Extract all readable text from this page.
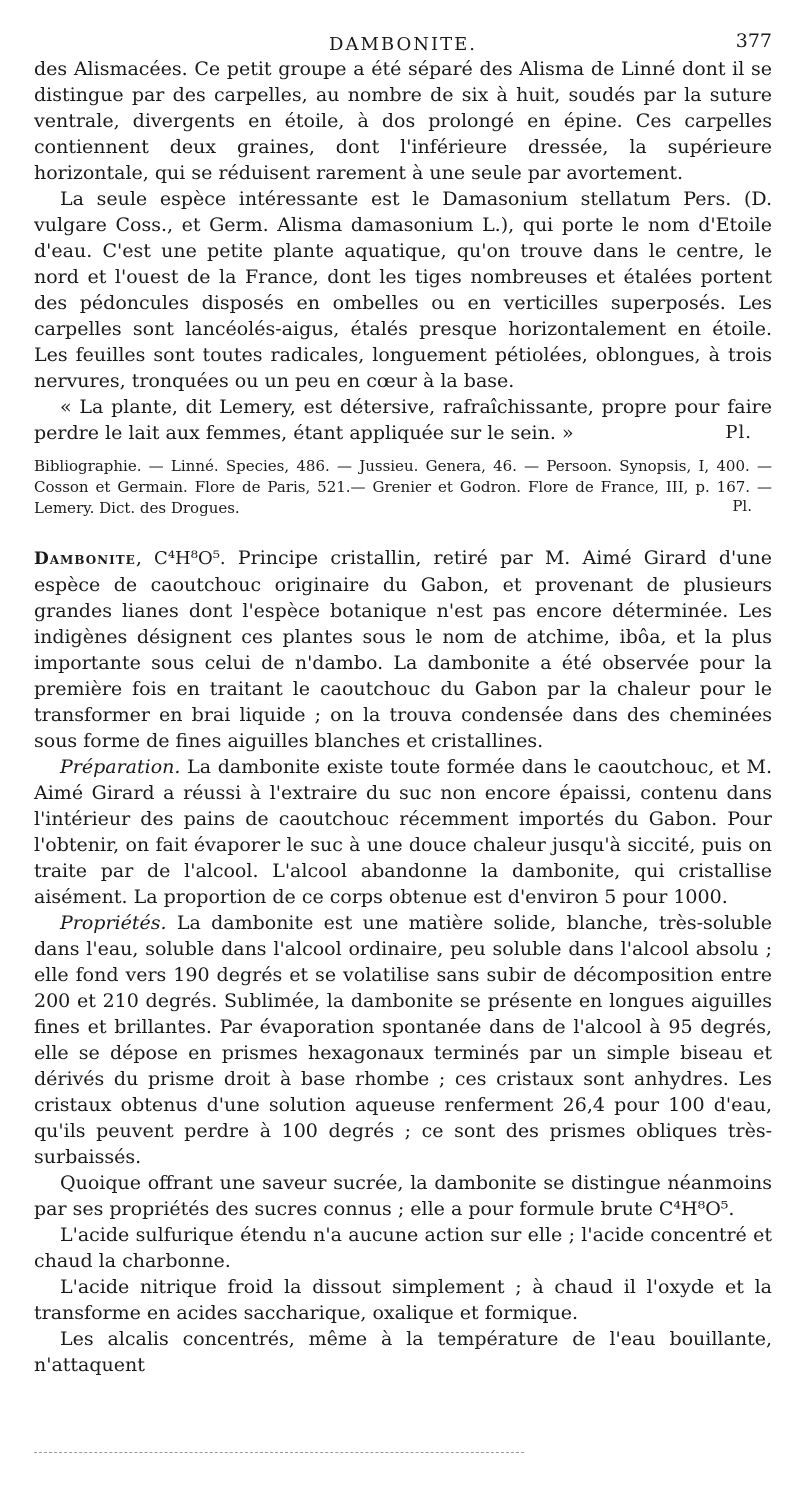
DAMBONITE.	377

des Alismacées. Ce petit groupe a été séparé des Alisma de Linné dont il se distingue par des carpelles, au nombre de six à huit, soudés par la suture ventrale, divergents en étoile, à dos prolongé en épine. Ces carpelles contiennent deux graines, dont l'inférieure dressée, la supérieure horizontale, qui se réduisent rarement à une seule par avortement.

La seule espèce intéressante est le Damasonium stellatum Pers. (D. vulgare Coss., et Germ. Alisma damasonium L.), qui porte le nom d'Etoile d'eau. C'est une petite plante aquatique, qu'on trouve dans le centre, le nord et l'ouest de la France, dont les tiges nombreuses et étalées portent des pédoncules disposés en ombelles ou en verticilles superposés. Les carpelles sont lancéolés-aigus, étalés presque horizontalement en étoile. Les feuilles sont toutes radicales, longuement pétiolées, oblongues, à trois nervures, tronquées ou un peu en cœur à la base.

« La plante, dit Lemery, est détersive, rafraîchissante, propre pour faire perdre le lait aux femmes, étant appliquée sur le sein. »	Pl.

Bibliographie. — Linné. Species, 486. — Jussieu. Genera, 46. — Persoon. Synopsis, I, 400. — Cosson et Germain. Flore de Paris, 521.— Grenier et Godron. Flore de France, III, p. 167. — Lemery. Dict. des Drogues.	Pl.

Dambonite, C⁴H⁸O⁵. Principe cristallin, retiré par M. Aimé Girard d'une espèce de caoutchouc originaire du Gabon, et provenant de plusieurs grandes lianes dont l'espèce botanique n'est pas encore déterminée. Les indigènes désignent ces plantes sous le nom de atchime, ibôa, et la plus importante sous celui de n'dambo. La dambonite a été observée pour la première fois en traitant le caoutchouc du Gabon par la chaleur pour le transformer en brai liquide ; on la trouva condensée dans des cheminées sous forme de fines aiguilles blanches et cristallines.

Préparation. La dambonite existe toute formée dans le caoutchouc, et M. Aimé Girard a réussi à l'extraire du suc non encore épaissi, contenu dans l'intérieur des pains de caoutchouc récemment importés du Gabon. Pour l'obtenir, on fait évaporer le suc à une douce chaleur jusqu'à siccité, puis on traite par de l'alcool. L'alcool abandonne la dambonite, qui cristallise aisément. La proportion de ce corps obtenue est d'environ 5 pour 1000.

Propriétés. La dambonite est une matière solide, blanche, très-soluble dans l'eau, soluble dans l'alcool ordinaire, peu soluble dans l'alcool absolu ; elle fond vers 190 degrés et se volatilise sans subir de décomposition entre 200 et 210 degrés. Sublimée, la dambonite se présente en longues aiguilles fines et brillantes. Par évaporation spontanée dans de l'alcool à 95 degrés, elle se dépose en prismes hexagonaux terminés par un simple biseau et dérivés du prisme droit à base rhombe ; ces cristaux sont anhydres. Les cristaux obtenus d'une solution aqueuse renferment 26,4 pour 100 d'eau, qu'ils peuvent perdre à 100 degrés ; ce sont des prismes obliques très-surbaissés.

Quoique offrant une saveur sucrée, la dambonite se distingue néanmoins par ses propriétés des sucres connus ; elle a pour formule brute C⁴H⁸O⁵.

L'acide sulfurique étendu n'a aucune action sur elle ; l'acide concentré et chaud la charbonne.

L'acide nitrique froid la dissout simplement ; à chaud il l'oxyde et la transforme en acides saccharique, oxalique et formique.

Les alcalis concentrés, même à la température de l'eau bouillante, n'attaquent
